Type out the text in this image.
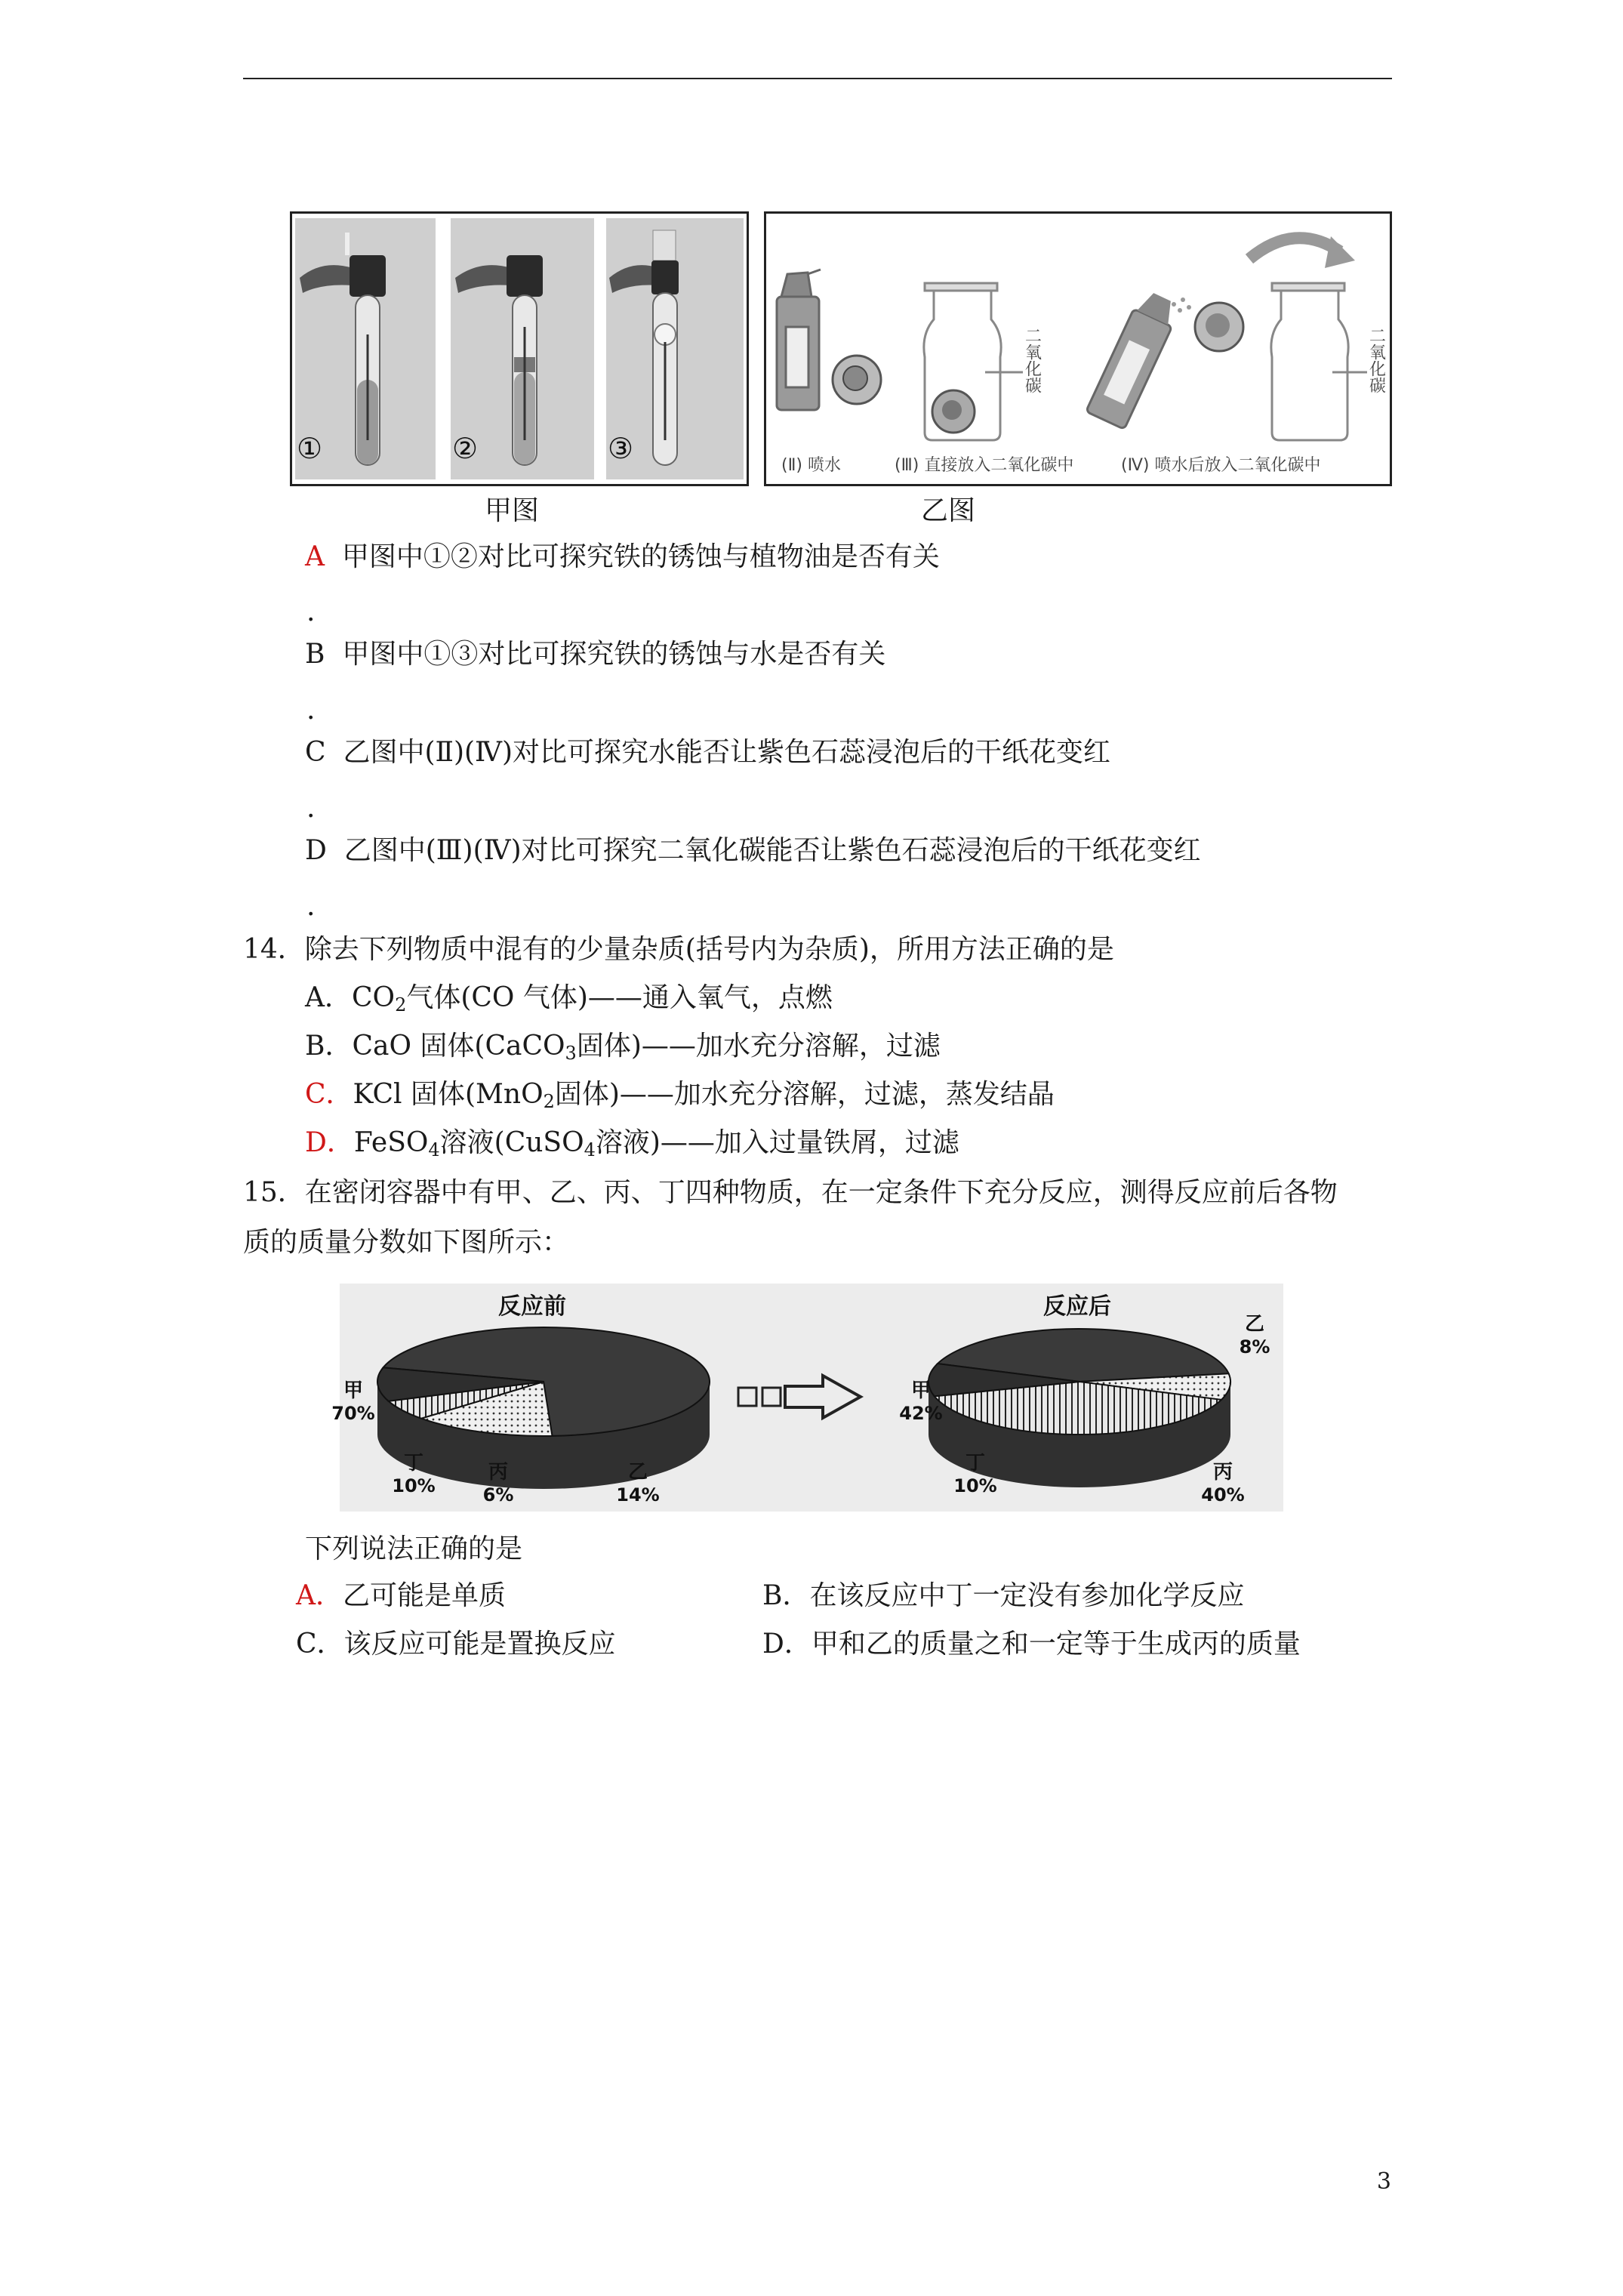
①	②	③
二氧化碳	二氧化碳
(Ⅱ) 喷水	(Ⅲ) 直接放入二氧化碳中	(Ⅳ) 喷水后放入二氧化碳中
甲图	乙图
A 甲图中①②对比可探究铁的锈蚀与植物油是否有关
.
B 甲图中①③对比可探究铁的锈蚀与水是否有关
.
C 乙图中(Ⅱ)(Ⅳ)对比可探究水能否让紫色石蕊浸泡后的干纸花变红
.
D 乙图中(Ⅲ)(Ⅳ)对比可探究二氧化碳能否让紫色石蕊浸泡后的干纸花变红
.
14．除去下列物质中混有的少量杂质(括号内为杂质)，所用方法正确的是
A．$CO_2$气体(CO 气体)——通入氧气，点燃
B．CaO 固体(CaCO$_3$固体)——加水充分溶解，过滤
C．KCl 固体(MnO$_2$固体)——加水充分溶解，过滤，蒸发结晶
D．FeSO$_4$溶液(CuSO$_4$溶液)——加入过量铁屑，过滤
15．在密闭容器中有甲、乙、丙、丁四种物质，在一定条件下充分反应，测得反应前后各物
质的质量分数如下图所示：
反应前
甲
70%
乙
14%
丙
6%
丁
10%
反应后
甲
42%
乙
8%
丙
40%
丁
10%
下列说法正确的是
A．乙可能是单质	B．在该反应中丁一定没有参加化学反应
C．该反应可能是置换反应	D．甲和乙的质量之和一定等于生成丙的质量
3
